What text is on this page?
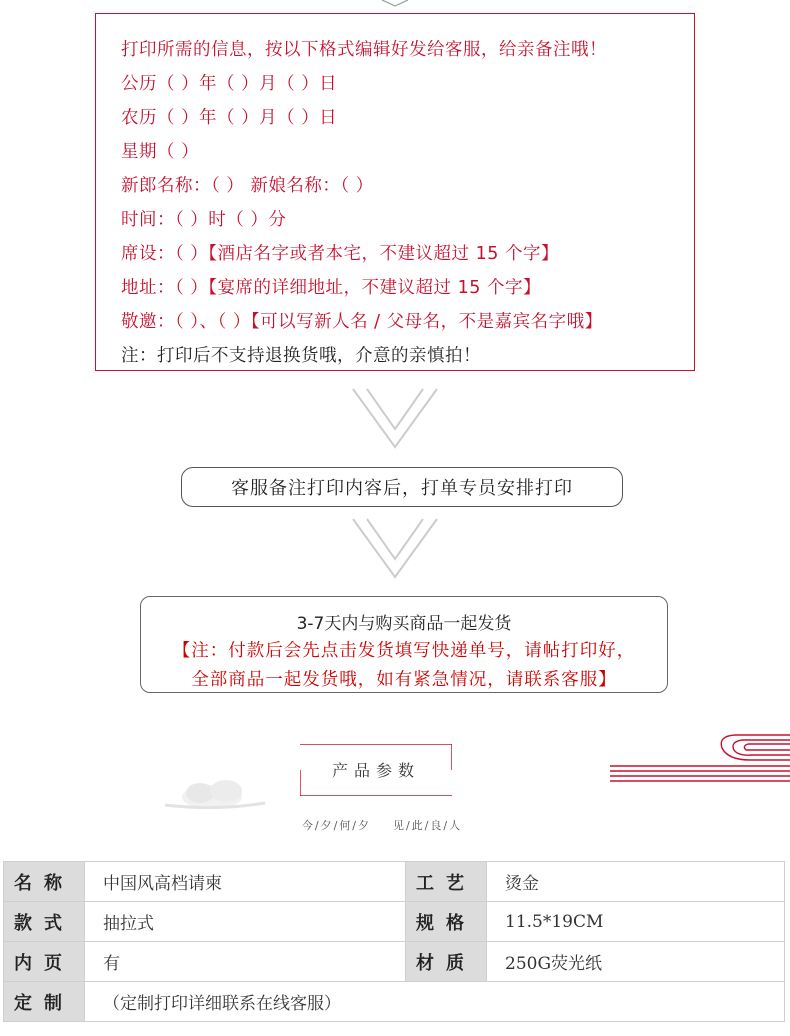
打印所需的信息，按以下格式编辑好发给客服，给亲备注哦！
公历（ ）年（ ）月（ ）日
农历（ ）年（ ）月（ ）日
星期（ ）
新郎名称：（ ） 新娘名称：（ ）
时间：（ ）时（ ）分
席设：（ ）【酒店名字或者本宅，不建议超过 15 个字】
地址：（ ）【宴席的详细地址，不建议超过 15 个字】
敬邀：（ ）、（ ）【可以写新人名 / 父母名，不是嘉宾名字哦】
注：打印后不支持退换货哦，介意的亲慎拍！
客服备注打印内容后，打单专员安排打印
3-7天内与购买商品一起发货
【注：付款后会先点击发货填写快递单号，请帖打印好，
全部商品一起发货哦，如有紧急情况，请联系客服】
产品参数
今/夕/何/夕    见/此/良/人
名称	中国风高档请柬	工艺	烫金
款式	抽拉式	规格	11.5*19CM
内页	有	材质	250G荧光纸
定制	（定制打印详细联系在线客服）		
